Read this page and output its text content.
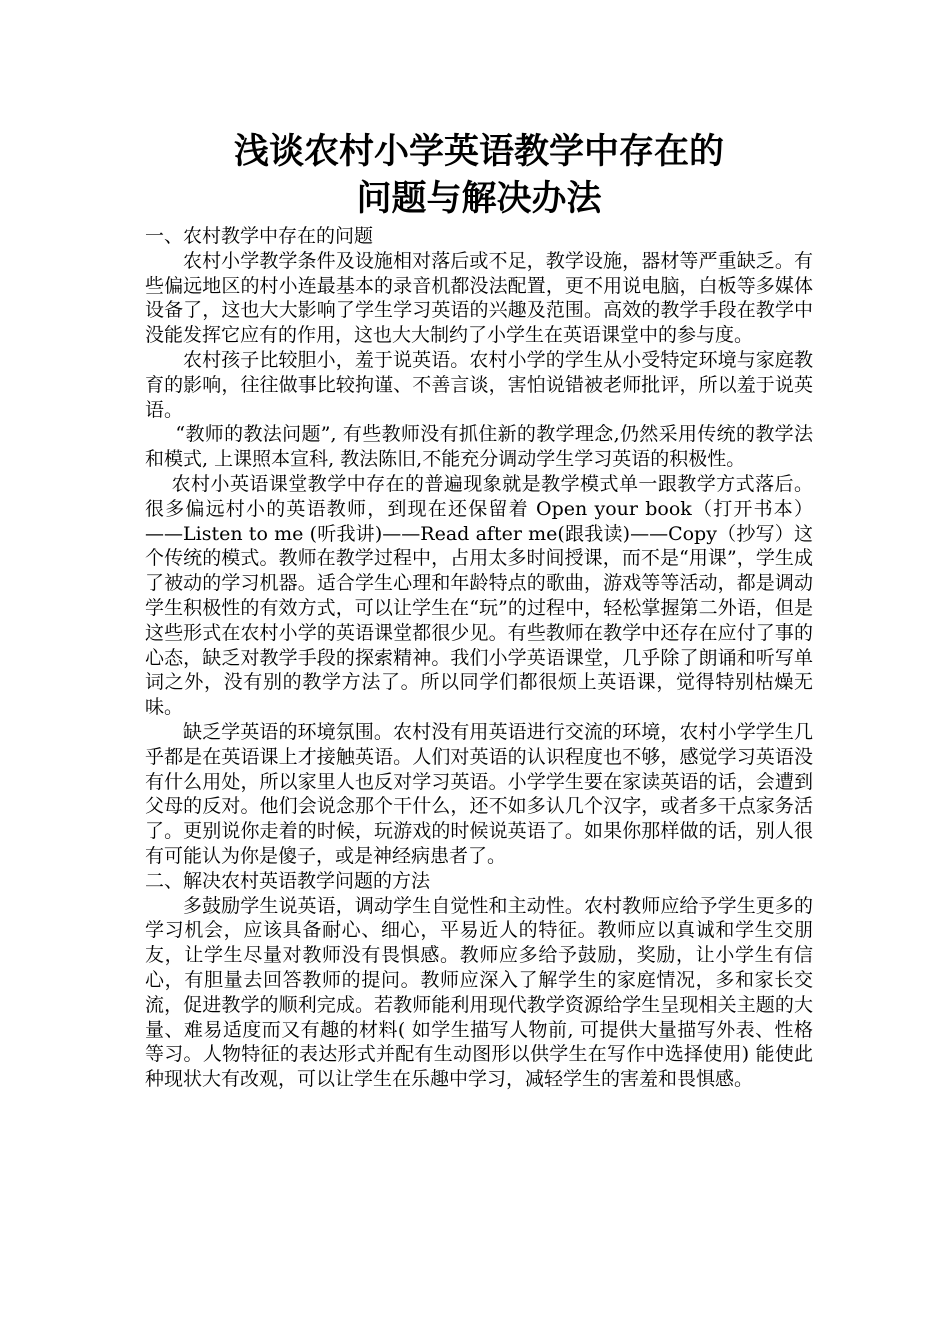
浅谈农村小学英语教学中存在的
问题与解决办法

一、农村教学中存在的问题

农村小学教学条件及设施相对落后或不足，教学设施，器材等严重缺乏。有些偏远地区的村小连最基本的录音机都没法配置，更不用说电脑，白板等多媒体设备了，这也大大影响了学生学习英语的兴趣及范围。高效的教学手段在教学中没能发挥它应有的作用，这也大大制约了小学生在英语课堂中的参与度。

农村孩子比较胆小，羞于说英语。农村小学的学生从小受特定环境与家庭教育的影响，往往做事比较拘谨、不善言谈，害怕说错被老师批评，所以羞于说英语。

“教师的教法问题”, 有些教师没有抓住新的教学理念,仍然采用传统的教学法和模式, 上课照本宣科, 教法陈旧,不能充分调动学生学习英语的积极性。

农村小英语课堂教学中存在的普遍现象就是教学模式单一跟教学方式落后。很多偏远村小的英语教师，到现在还保留着 Open your book（打开书本）——Listen to me (听我讲)——Read after me(跟我读)——Copy（抄写）这个传统的模式。教师在教学过程中，占用太多时间授课，而不是“用课”，学生成了被动的学习机器。适合学生心理和年龄特点的歌曲，游戏等等活动，都是调动学生积极性的有效方式，可以让学生在“玩”的过程中，轻松掌握第二外语，但是这些形式在农村小学的英语课堂都很少见。有些教师在教学中还存在应付了事的心态，缺乏对教学手段的探索精神。我们小学英语课堂，几乎除了朗诵和听写单词之外，没有别的教学方法了。所以同学们都很烦上英语课，觉得特别枯燥无味。

缺乏学英语的环境氛围。农村没有用英语进行交流的环境，农村小学学生几乎都是在英语课上才接触英语。人们对英语的认识程度也不够，感觉学习英语没有什么用处，所以家里人也反对学习英语。小学学生要在家读英语的话，会遭到父母的反对。他们会说念那个干什么，还不如多认几个汉字，或者多干点家务活了。更别说你走着的时候，玩游戏的时候说英语了。如果你那样做的话，别人很有可能认为你是傻子，或是神经病患者了。

二、解决农村英语教学问题的方法

多鼓励学生说英语，调动学生自觉性和主动性。农村教师应给予学生更多的学习机会，应该具备耐心、细心，平易近人的特征。教师应以真诚和学生交朋友，让学生尽量对教师没有畏惧感。教师应多给予鼓励，奖励，让小学生有信心，有胆量去回答教师的提问。教师应深入了解学生的家庭情况，多和家长交流，促进教学的顺利完成。若教师能利用现代教学资源给学生呈现相关主题的大量、难易适度而又有趣的材料( 如学生描写人物前, 可提供大量描写外表、性格等习。人物特征的表达形式并配有生动图形以供学生在写作中选择使用) 能使此种现状大有改观，可以让学生在乐趣中学习，减轻学生的害羞和畏惧感。
